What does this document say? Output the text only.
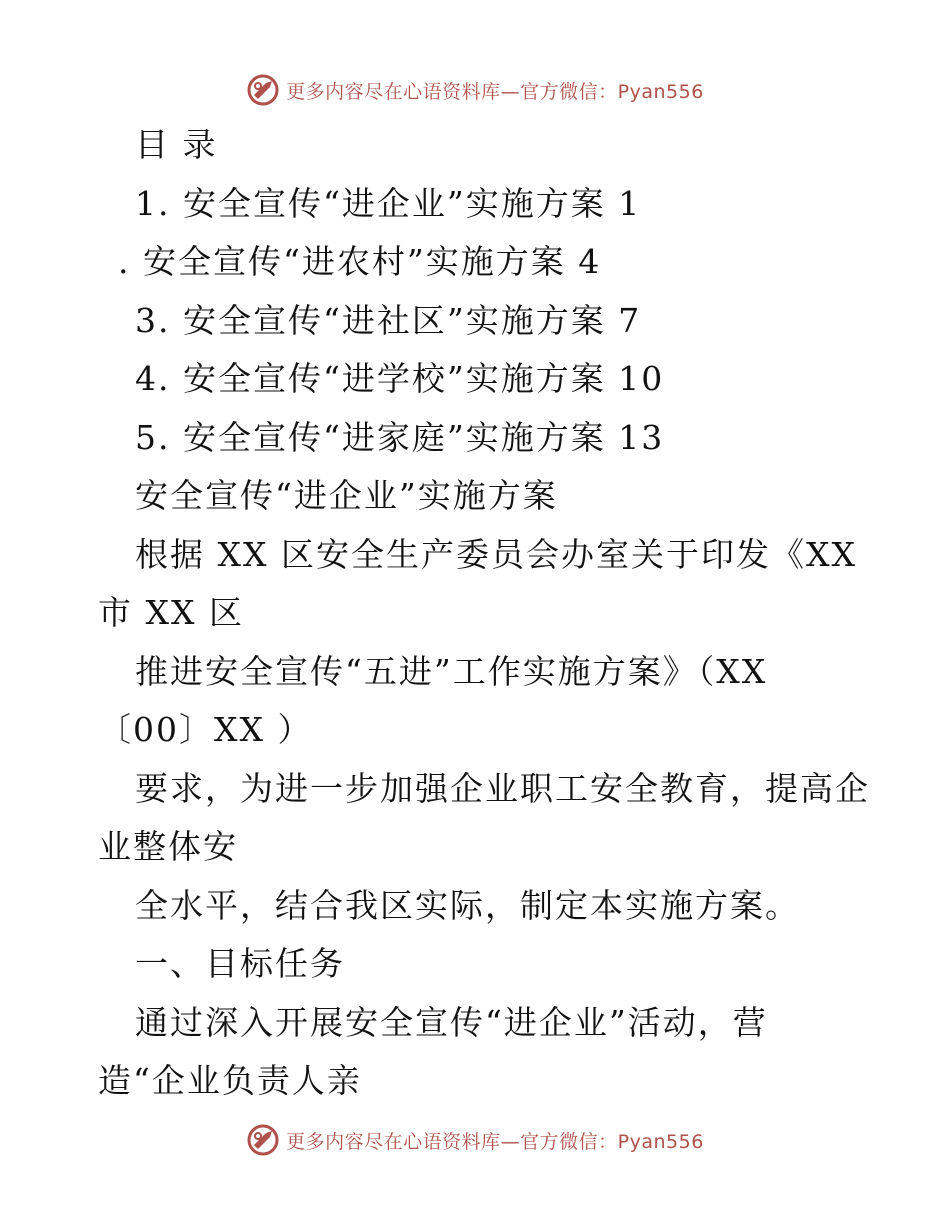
更多内容尽在心语资料库—官方微信：Pyan556
目 录
1. 安全宣传“进企业”实施方案 1
. 安全宣传“进农村”实施方案 4
3. 安全宣传“进社区”实施方案 7
4. 安全宣传“进学校”实施方案 10
5. 安全宣传“进家庭”实施方案 13
安全宣传“进企业”实施方案
根据 XX 区安全生产委员会办室关于印发《XX
市 XX 区
推进安全宣传“五进”工作实施方案》（XX
〔00〕XX ）
要求，为进一步加强企业职工安全教育，提高企
业整体安
全水平，结合我区实际，制定本实施方案。
一、目标任务
通过深入开展安全宣传“进企业”活动，营
造“企业负责人亲
更多内容尽在心语资料库—官方微信：Pyan556
